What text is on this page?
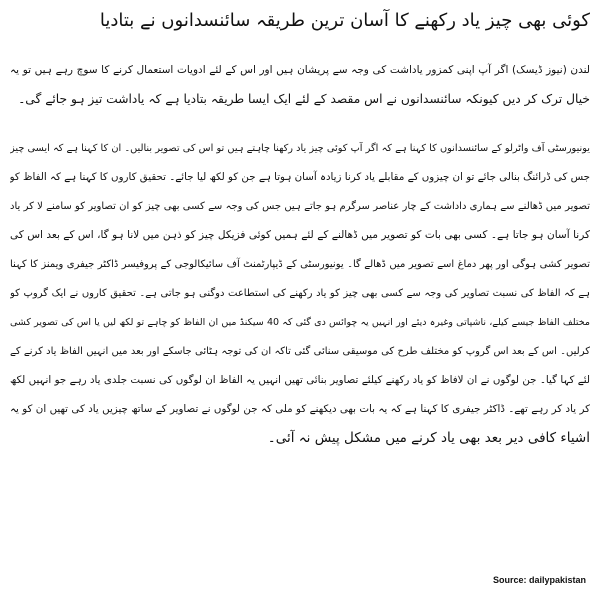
کوئی بھی چیز یاد رکھنے کا آسان ترین طریقہ سائنسدانوں نے بتادیا
لندن (نیوز ڈیسک) اگر آپ اپنی کمزور یاداشت کی وجہ سے پریشان ہیں اور اس کے لئے ادویات استعمال کرنے کا سوچ رہے ہیں تو یہ
خیال ترک کر دیں کیونکہ سائنسدانوں نے اس مقصد کے لئے ایک ایسا طریقہ بتادیا ہے کہ یاداشت تیز ہو جائے گی۔
یونیورسٹی آف واٹرلو کے سائنسدانوں کا کہنا ہے کہ اگر آپ کوئی چیز یاد رکھنا چاہتے ہیں تو اس کی تصویر بنالیں۔ ان کا کہنا ہے کہ ایسی چیز
جس کی ڈرائنگ بنالی جائے تو ان چیزوں کے مقابلے یاد کرنا زیادہ آسان ہوتا ہے جن کو لکھ لیا جائے۔ تحقیق کاروں کا کہنا ہے کہ الفاظ کو
تصویر میں ڈھالنے سے ہماری داداشت کے چار عناصر سرگرم ہو جاتے ہیں جس کی وجہ سے کسی بھی چیز کو ان تصاویر کو سامنے لا کر یاد
کرنا آسان ہو جاتا ہے۔ کسی بھی بات کو تصویر میں ڈھالنے کے لئے ہمیں کوئی فزیکل چیز کو ذہن میں لانا ہو گا، اس کے بعد اس کی
تصویر کشی ہوگی اور پھر دماغ اسے تصویر میں ڈھالے گا۔ یونیورسٹی کے ڈیپارٹمنٹ آف سائیکالوجی کے پروفیسر ڈاکٹر جیفری ویمنز کا کہنا
ہے کہ الفاظ کی نسبت تصاویر کی وجہ سے کسی بھی چیز کو یاد رکھنے کی استطاعت دوگنی ہو جاتی ہے۔ تحقیق کاروں نے ایک گروپ کو
مختلف الفاظ جیسے کیلے، ناشپاتی وغیرہ دیئے اور انہیں یہ چوائس دی گئی کہ 40 سیکنڈ میں ان الفاظ کو چاہے تو لکھ لیں یا اس کی تصویر کشی
کرلیں۔ اس کے بعد اس گروپ کو مختلف طرح کی موسیقی سنائی گئی تاکہ ان کی توجہ ہٹائی جاسکے اور بعد میں انہیں الفاظ یاد کرنے کے
لئے کہا گیا۔ جن لوگوں نے ان لافاظ کو یاد رکھنے کیلئے تصاویر بنائی تھیں انہیں یہ الفاظ ان لوگوں کی نسبت جلدی یاد رہے جو انہیں لکھ
کر یاد کر رہے تھے۔ ڈاکٹر جیفری کا کہنا ہے کہ یہ بات بھی دیکھنے کو ملی کہ جن لوگوں نے تصاویر کے ساتھ چیزیں یاد کی تھیں ان کو یہ
اشیاء کافی دیر بعد بھی یاد کرنے میں مشکل پیش نہ آئی۔
Source: dailypakistan
